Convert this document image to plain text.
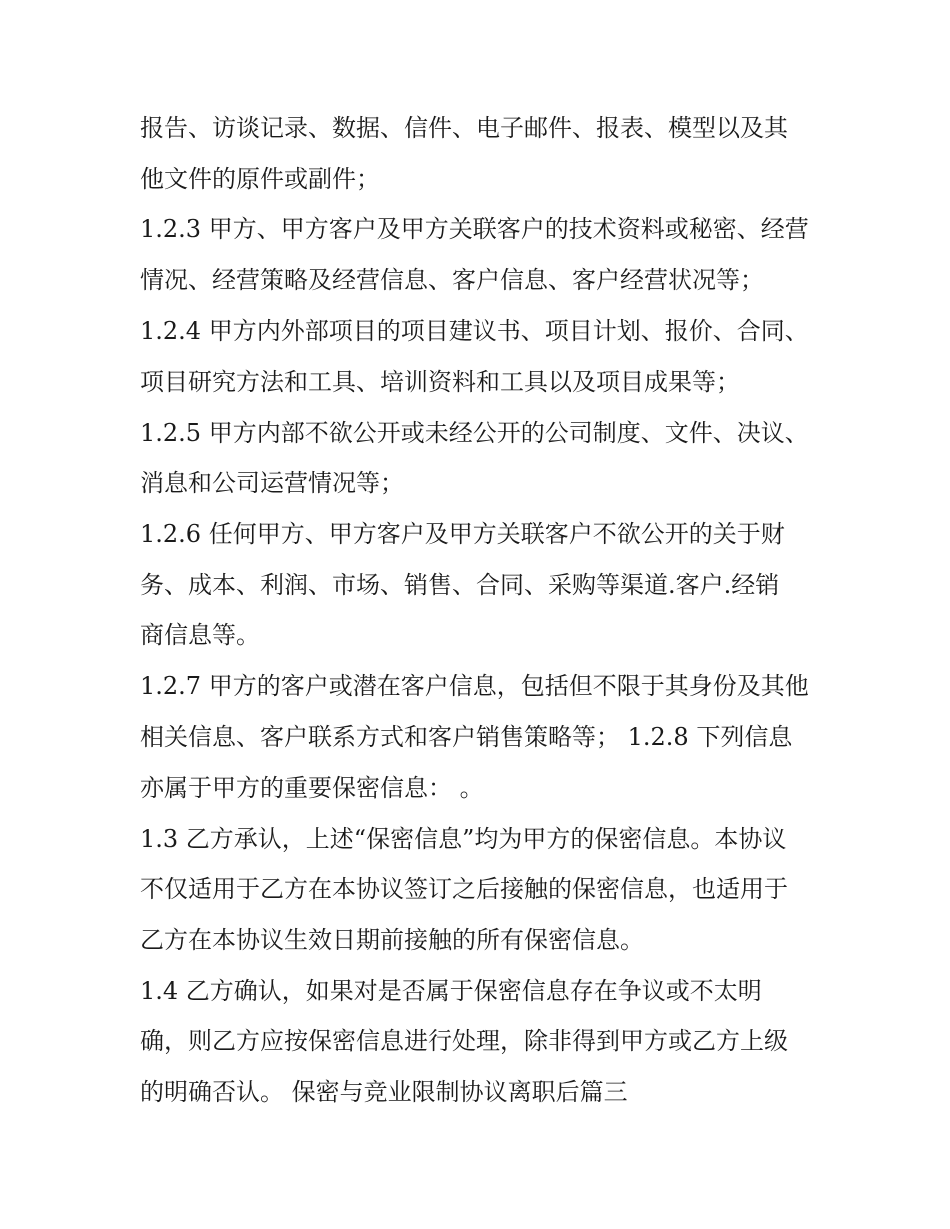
报告、访谈记录、数据、信件、电子邮件、报表、模型以及其

他文件的原件或副件；

1.2.3 甲方、甲方客户及甲方关联客户的技术资料或秘密、经营

情况、经营策略及经营信息、客户信息、客户经营状况等；

1.2.4 甲方内外部项目的项目建议书、项目计划、报价、合同、

项目研究方法和工具、培训资料和工具以及项目成果等；

1.2.5 甲方内部不欲公开或未经公开的公司制度、文件、决议、

消息和公司运营情况等；

1.2.6 任何甲方、甲方客户及甲方关联客户不欲公开的关于财

务、成本、利润、市场、销售、合同、采购等渠道.客户.经销

商信息等。

1.2.7 甲方的客户或潜在客户信息，包括但不限于其身份及其他

相关信息、客户联系方式和客户销售策略等； 1.2.8 下列信息

亦属于甲方的重要保密信息： 。

1.3 乙方承认，上述“保密信息”均为甲方的保密信息。本协议

不仅适用于乙方在本协议签订之后接触的保密信息，也适用于

乙方在本协议生效日期前接触的所有保密信息。

1.4 乙方确认，如果对是否属于保密信息存在争议或不太明

确，则乙方应按保密信息进行处理，除非得到甲方或乙方上级

的明确否认。 保密与竞业限制协议离职后篇三
